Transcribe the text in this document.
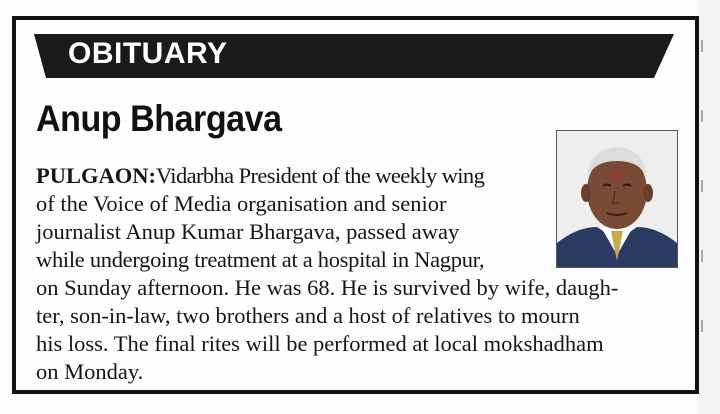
OBITUARY
Anup Bhargava
PULGAON:Vidarbha President of the weekly wing
of the Voice of Media organisation and senior
journalist Anup Kumar Bhargava, passed away
while undergoing treatment at a hospital in Nagpur,
on Sunday afternoon. He was 68. He is survived by wife, daugh-
ter, son-in-law, two brothers and a host of relatives to mourn
his loss. The final rites will be performed at local mokshadham
on Monday.
